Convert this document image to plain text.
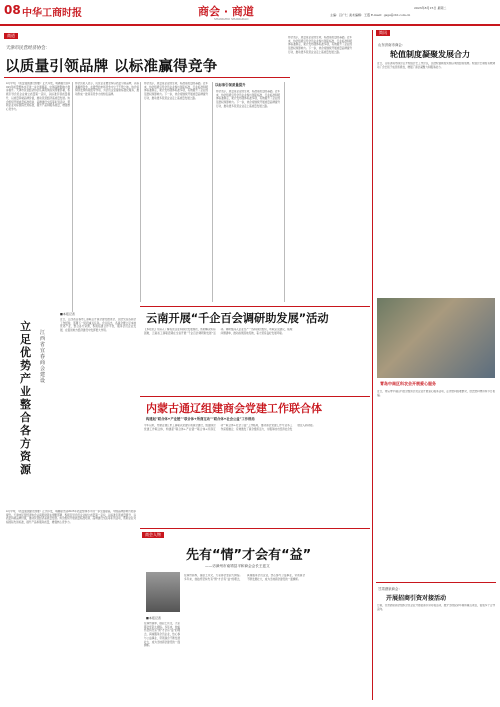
08 中华工商时报	商会 · 商道
SHANGHUI SHANGDAO
2023年8月15日 星期二
主编：吕广仁 美术编辑：王震 E-mail：gsgs@cbt.com.cn
商道
天津市民营经济协会：
以质量引领品牌 以标准赢得竞争
4月中旬，《质量强国建设纲要》正式印发，明确提出到2025年质量整体水平进一步全面提高，中国品牌影响力稳步提升。天津市民营经济协会认真贯彻落实纲要部署，积极引导会员企业树立质量第一意识，以标准引领质量提升，以质量铸就品牌价值，推动民营经济高质量发展。协会组织开展质量标准培训、品牌建设交流等系列活动，帮助企业对标国际先进标准，提升产品和服务质量，增强核心竞争力。
协会负责人表示，民营企业要坚持以质量引领品牌，以标准赢得竞争，在激烈的市场竞争中立于不败之地。协会将持续发挥桥梁纽带作用，为会员企业提供标准化服务，推动形成一批具有竞争力的知名品牌。
立足优势产业 整合各方资源
江西省宜春商会建设
近日，江西省宜春市工商联召开商会建设推进会，总结交流各商会工作经验，部署下一阶段重点任务。会议指出，各商会要立足本地优势产业，整合各方资源，积极搭建合作平台，服务会员企业发展，在促进地方经济建设中发挥更大作用。
4月中旬，《质量强国建设纲要》正式印发，明确提出到2025年质量整体水平进一步全面提高，中国品牌影响力稳步提升。天津市民营经济协会认真贯彻落实纲要部署，积极引导会员企业树立质量第一意识，以标准引领质量提升，以质量铸就品牌价值，推动民营经济高质量发展。协会组织开展质量标准培训、品牌建设交流等系列活动，帮助企业对标国际先进标准，提升产品和服务质量，增强核心竞争力。
■本报记者
协会表示，质量是企业的生命，标准是质量的基础。近年来，协会积极引导会员企业参与国家标准、行业标准和团体标准制定，累计发布团体标准多项，有效提升了企业的话语权和影响力。下一步，协会将继续开展质量品牌提升行动，推动更多民营企业走上高质量发展之路。
以标准引领质量提升
协会表示，质量是企业的生命，标准是质量的基础。近年来，协会积极引导会员企业参与国家标准、行业标准和团体标准制定，累计发布团体标准多项，有效提升了企业的话语权和影响力。下一步，协会将继续开展质量品牌提升行动，推动更多民营企业走上高质量发展之路。
协会表示，质量是企业的生命，标准是质量的基础。近年来，协会积极引导会员企业参与国家标准、行业标准和团体标准制定，累计发布团体标准多项，有效提升了企业的话语权和影响力。下一步，协会将继续开展质量品牌提升行动，推动更多民营企业走上高质量发展之路。
云南开展“千企百会调研助发展”活动
【本报讯】为深入了解民营企业和商会发展现状，帮助解决实际困难，云南省工商联近期在全省开展“千企百会调研助发展”活动。调研组深入企业生产一线和商会组织，听取意见建议，梳理问题清单，推动政策落地见效，着力营造良好发展环境。
内蒙古通辽组建商会党建工作联合体
构建起“联合体+产业链”“联合体+所商互动”“联合体+社会公益”工作格局
今年以来，内蒙古通辽市工商联以党建引领商会建设，组建商会党建工作联合体，构建起“联合体+产业链”“联合体+所商互动”“联合体+社会公益”工作格局，推动商会党建工作与业务工作深度融合，有效激发了商会组织活力，为服务地方经济社会发展注入新动能。
商会人物
先有“情”才会有“益”
——访漳州市南靖县平和商会会长王廷文
在漳州商界，提起王廷文，大家都会竖起大拇指。多年来，他始终坚持先有“情”才会有“益”的理念，真诚服务会员企业，热心参与公益事业，带领商会不断发展壮大，成为当地商会建设的一面旗帜。
■本报记者
在漳州商界，提起王廷文，大家都会竖起大拇指。多年来，他始终坚持先有“情”才会有“益”的理念，真诚服务会员企业，热心参与公益事业，带领商会不断发展壮大，成为当地商会建设的一面旗帜。
简讯
山东济南市商会：
轮值制度凝聚发展合力
近日，山东济南市商会召开轮值会长工作会议，总结轮值制度实施以来的经验成效。轮值会长制度有效调动了会长班子成员积极性，增强了商会凝聚力和服务能力。
青岛中南区科农会开展爱心服务
近日，青岛市中南区科农会组织会员企业开展爱心服务活动，走访慰问困难群众，送去慰问物资和节日祝福。
甘肃酒泉商会：
开展招商引资对接活动
日前，甘肃酒泉商会组织会员企业开展招商引资对接活动，推介当地投资环境和重点项目，促成多个合作意向。
